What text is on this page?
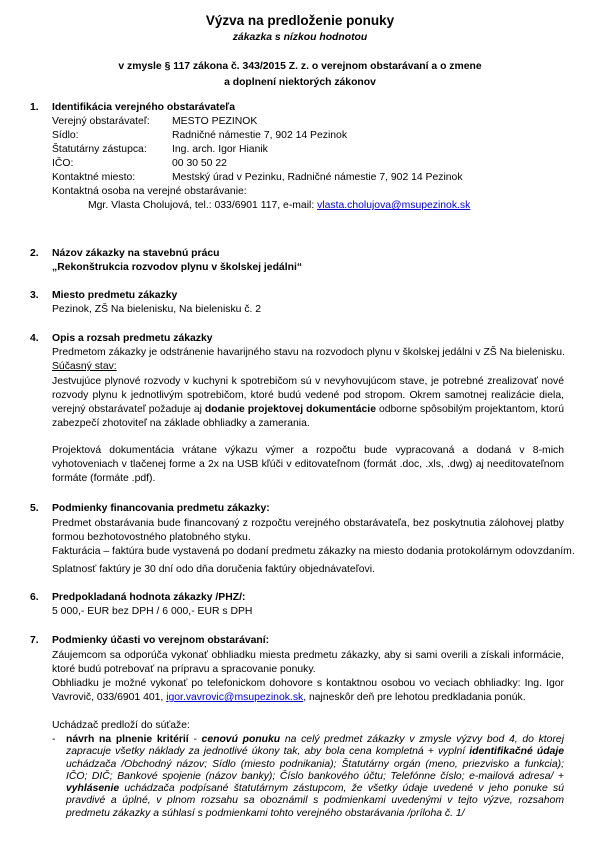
Výzva na predloženie ponuky
zákazka s nízkou hodnotou
v zmysle § 117 zákona č. 343/2015 Z. z. o verejnom obstarávaní a o zmene
a doplnení niektorých zákonov
1. Identifikácia verejného obstarávateľa
Verejný obstarávateľ: MESTO PEZINOK
Sídlo:	Radničné námestie 7, 902 14 Pezinok
Štatutárny zástupca: Ing. arch. Igor Hianik
IČO:	00 30 50 22
Kontaktné miesto:	Mestský úrad v Pezinku, Radničné námestie 7, 902 14 Pezinok
Kontaktná osoba na verejné obstarávanie:
Mgr. Vlasta Cholujová, tel.: 033/6901 117, e-mail: vlasta.cholujova@msupezinok.sk
2. Názov zákazky na stavebnú prácu
„Rekonštrukcia rozvodov plynu v školskej jedálni“
3. Miesto predmetu zákazky
Pezinok, ZŠ Na bielenisku, Na bielenisku č. 2
4. Opis a rozsah predmetu zákazky
Predmetom zákazky je odstránenie havarijného stavu na rozvodoch plynu v školskej jedálni v ZŠ Na bielenisku.
Súčasný stav:
Jestvujúce plynové rozvody v kuchyni k spotrebičom sú v nevyhovujúcom stave, je potrebné zrealizovať nové rozvody plynu k jednotlivým spotrebičom, ktoré budú vedené pod stropom. Okrem samotnej realizácie diela, verejný obstarávateľ požaduje aj dodanie projektovej dokumentácie odborne spôsobilým projektantom, ktorú zabezpečí zhotoviteľ na základe obhliadky a zamerania.
Projektová dokumentácia vrátane výkazu výmer a rozpočtu bude vypracovaná a dodaná v 8-mich vyhotoveniach v tlačenej forme a 2x na USB kľúči v editovateľnom (formát .doc, .xls, .dwg) aj needitovateľnom formáte (formáte .pdf).
5. Podmienky financovania predmetu zákazky:
Predmet obstarávania bude financovaný z rozpočtu verejného obstarávateľa, bez poskytnutia zálohovej platby formou bezhotovostného platobného styku.
Fakturácia – faktúra bude vystavená po dodaní predmetu zákazky na miesto dodania protokolárnym odovzdaním.
Splatnosť faktúry je 30 dní odo dňa doručenia faktúry objednávateľovi.
6. Predpokladaná hodnota zákazky /PHZ/:
5 000,- EUR bez DPH / 6 000,- EUR s DPH
7. Podmienky účasti vo verejnom obstarávaní:
Záujemcom sa odporúča vykonať obhliadku miesta predmetu zákazky, aby si sami overili a získali informácie, ktoré budú potrebovať na prípravu a spracovanie ponuky.
Obhliadku je možné vykonať po telefonickom dohovore s kontaktnou osobou vo veciach obhliadky: Ing. Igor Vavrovič, 033/6901 401, igor.vavrovic@msupezinok.sk, najneskôr deň pre lehotou predkladania ponúk.
Uchádzač predloží do súťaže:
- návrh na plnenie kritérií - cenovú ponuku na celý predmet zákazky v zmysle výzvy bod 4, do ktorej zapracuje všetky náklady za jednotlivé úkony tak, aby bola cena kompletná + vyplní identifikačné údaje uchádzača /Obchodný názov; Sídlo (miesto podnikania); Štatutárny orgán (meno, priezvisko a funkcia); IČO; DIČ; Bankové spojenie (názov banky); Číslo bankového účtu; Telefónne číslo; e-mailová adresa/ + vyhlásenie uchádzača podpísané štatutárnym zástupcom, že všetky údaje uvedené v jeho ponuke sú pravdivé a úplné, v plnom rozsahu sa oboznámil s podmienkami uvedenými v tejto výzve, rozsahom predmetu zákazky a súhlasí s podmienkami tohto verejného obstarávania /príloha č. 1/
